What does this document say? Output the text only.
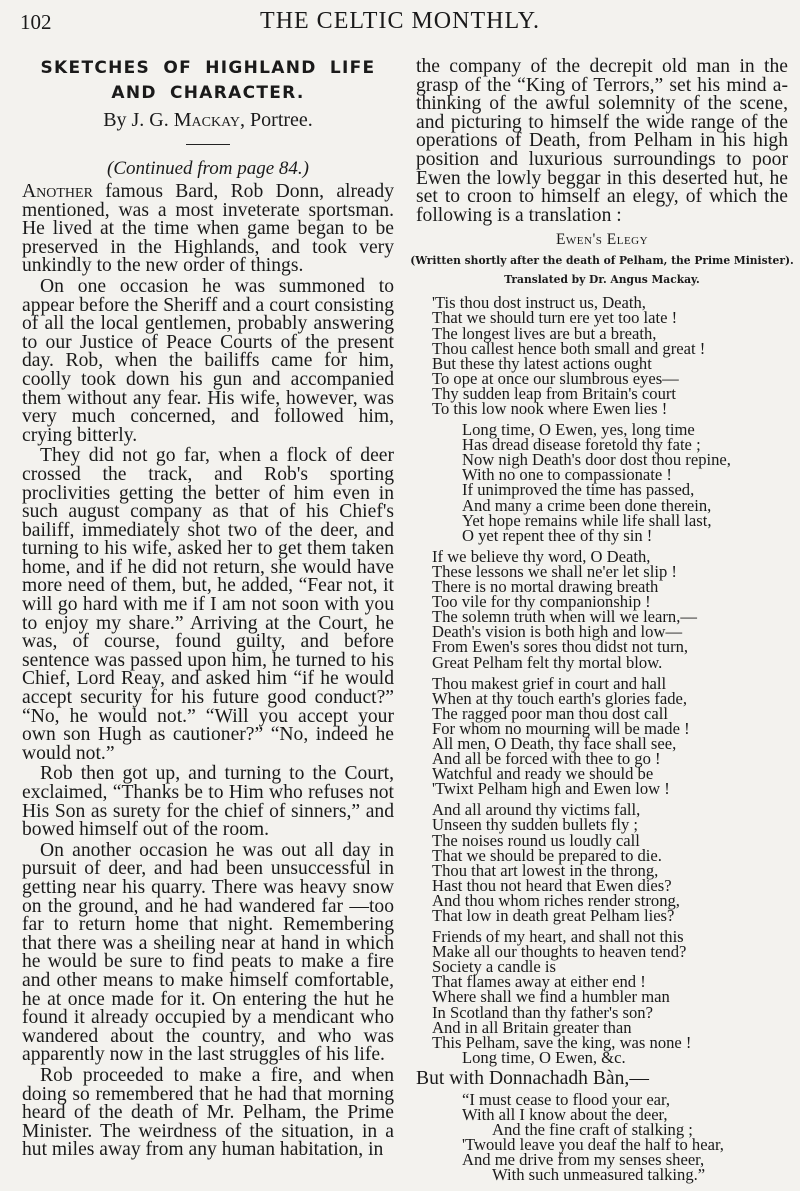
102	THE CELTIC MONTHLY.
SKETCHES OF HIGHLAND LIFE
AND CHARACTER.
By J. G. Mackay, Portree.
(Continued from page 84.)

Another famous Bard, Rob Donn, already mentioned, was a most inveterate sportsman. He lived at the time when game began to be preserved in the Highlands, and took very unkindly to the new order of things.

On one occasion he was summoned to appear before the Sheriff and a court consisting of all the local gentlemen, probably answering to our Justice of Peace Courts of the present day. Rob, when the bailiffs came for him, coolly took down his gun and accompanied them without any fear. His wife, however, was very much concerned, and followed him, crying bitterly.

They did not go far, when a flock of deer crossed the track, and Rob's sporting proclivities getting the better of him even in such august company as that of his Chief's bailiff, immediately shot two of the deer, and turning to his wife, asked her to get them taken home, and if he did not return, she would have more need of them, but, he added, “Fear not, it will go hard with me if I am not soon with you to enjoy my share.” Arriving at the Court, he was, of course, found guilty, and before sentence was passed upon him, he turned to his Chief, Lord Reay, and asked him “if he would accept security for his future good conduct?” “No, he would not.” “Will you accept your own son Hugh as cautioner?” “No, indeed he would not.”

Rob then got up, and turning to the Court, exclaimed, “Thanks be to Him who refuses not His Son as surety for the chief of sinners,” and bowed himself out of the room.

On another occasion he was out all day in pursuit of deer, and had been unsuccessful in getting near his quarry. There was heavy snow on the ground, and he had wandered far —too far to return home that night. Remembering that there was a sheiling near at hand in which he would be sure to find peats to make a fire and other means to make himself comfortable, he at once made for it. On entering the hut he found it already occupied by a mendicant who wandered about the country, and who was apparently now in the last struggles of his life.

Rob proceeded to make a fire, and when doing so remembered that he had that morning heard of the death of Mr. Pelham, the Prime Minister. The weirdness of the situation, in a hut miles away from any human habitation, in

the company of the decrepit old man in the grasp of the “King of Terrors,” set his mind a-thinking of the awful solemnity of the scene, and picturing to himself the wide range of the operations of Death, from Pelham in his high position and luxurious surroundings to poor Ewen the lowly beggar in this deserted hut, he set to croon to himself an elegy, of which the following is a translation :

Ewen's Elegy
(Written shortly after the death of Pelham, the Prime Minister).
Translated by Dr. Angus Mackay.
'Tis thou dost instruct us, Death,
That we should turn ere yet too late !
The longest lives are but a breath,
Thou callest hence both small and great !
But these thy latest actions ought
To ope at once our slumbrous eyes—
Thy sudden leap from Britain's court
To this low nook where Ewen lies !
Long time, O Ewen, yes, long time
Has dread disease foretold thy fate ;
Now nigh Death's door dost thou repine,
With no one to compassionate !
If unimproved the time has passed,
And many a crime been done therein,
Yet hope remains while life shall last,
O yet repent thee of thy sin !
If we believe thy word, O Death,
These lessons we shall ne'er let slip !
There is no mortal drawing breath
Too vile for thy companionship !
The solemn truth when will we learn,—
Death's vision is both high and low—
From Ewen's sores thou didst not turn,
Great Pelham felt thy mortal blow.
Thou makest grief in court and hall
When at thy touch earth's glories fade,
The ragged poor man thou dost call
For whom no mourning will be made !
All men, O Death, thy face shall see,
And all be forced with thee to go !
Watchful and ready we should be
'Twixt Pelham high and Ewen low !
And all around thy victims fall,
Unseen thy sudden bullets fly ;
The noises round us loudly call
That we should be prepared to die.
Thou that art lowest in the throng,
Hast thou not heard that Ewen dies?
And thou whom riches render strong,
That low in death great Pelham lies?
Friends of my heart, and shall not this
Make all our thoughts to heaven tend?
Society a candle is
That flames away at either end !
Where shall we find a humbler man
In Scotland than thy father's son?
And in all Britain greater than
This Pelham, save the king, was none !
Long time, O Ewen, &c.
But with Donnachadh Bàn,—
“I must cease to flood your ear,
With all I know about the deer,
And the fine craft of stalking ;
'Twould leave you deaf the half to hear,
And me drive from my senses sheer,
With such unmeasured talking.”
